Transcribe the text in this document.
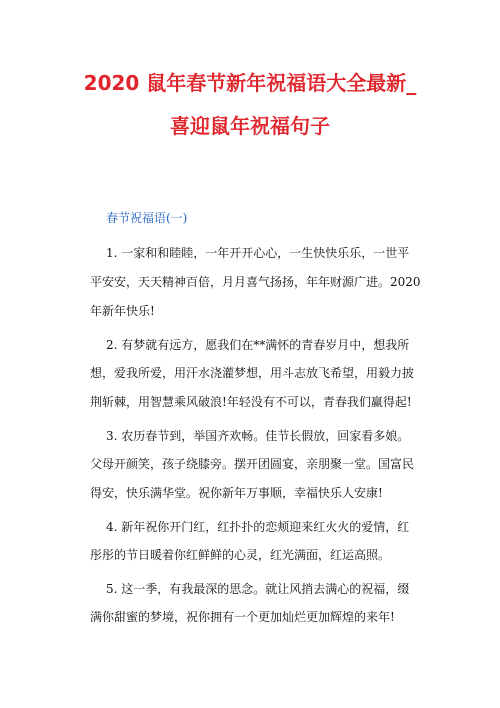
2020 鼠年春节新年祝福语大全最新_
喜迎鼠年祝福句子
春节祝福语(一)
1. 一家和和睦睦，一年开开心心，一生快快乐乐，一世平
平安安，天天精神百倍，月月喜气扬扬，年年财源广进。2020
年新年快乐!
2. 有梦就有远方，愿我们在**满怀的青春岁月中，想我所
想，爱我所爱，用汗水浇灌梦想，用斗志放飞希望，用毅力披
荆斩棘，用智慧乘风破浪!年轻没有不可以，青春我们赢得起!
3. 农历春节到，举国齐欢畅。佳节长假放，回家看多娘。
父母开颜笑，孩子绕膝旁。摆开团圆宴，亲朋聚一堂。国富民
得安，快乐满华堂。祝你新年万事顺，幸福快乐人安康!
4. 新年祝你开门红，红扑扑的恋颊迎来红火火的爱情，红
彤彤的节日暖着你红鲜鲜的心灵，红光满面，红运高照。
5. 这一季，有我最深的思念。就让风捎去满心的祝福，缀
满你甜蜜的梦境，祝你拥有一个更加灿烂更加辉煌的来年!
